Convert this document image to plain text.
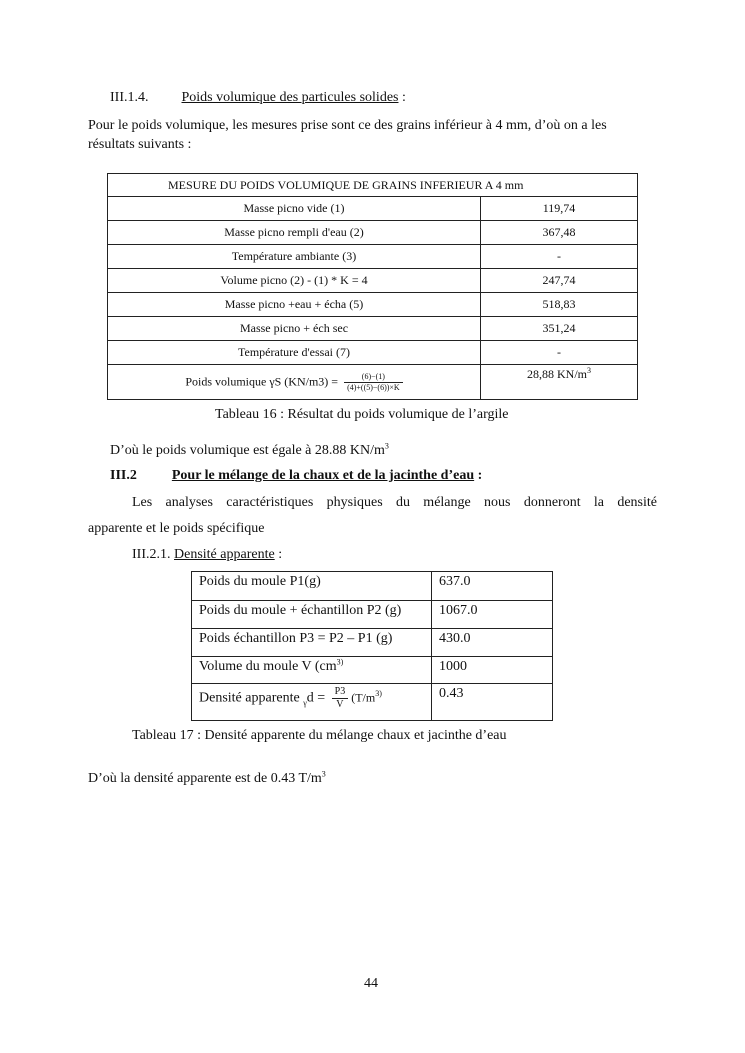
III.1.4. Poids volumique des particules solides :
Pour le poids volumique, les mesures prise sont ce des grains inférieur à 4 mm, d’où on a les
résultats suivants :
MESURE DU POIDS VOLUMIQUE DE GRAINS INFERIEUR A 4 mm	
Masse picno vide (1)	119,74
Masse picno rempli d'eau (2)	367,48
Température ambiante (3)	-
Volume picno (2) - (1) * K = 4	247,74
Masse picno +eau + écha (5)	518,83
Masse picno + éch sec	351,24
Température d'essai (7)	-
Poids volumique γS $(KN/m3) = \frac{(6)-(1)}{(4)+((5)-(6))\times K}$	28,88 $KN/m^3$
Tableau 16 : Résultat du poids volumique de l’argile
D’où le poids volumique est égale à 28.88 $KN/m^3$
III.2	Pour le mélange de la chaux et de la jacinthe d’eau :
Les analyses caractéristiques physiques du mélange nous donneront la densité
apparente et le poids spécifique
III.2.1. Densité apparente :
Poids du moule P1(g)	637.0
Poids du moule + échantillon P2 (g)	1067.0
Poids échantillon P3 = P2 – P1 (g)	430.0
Volume du moule V ($cm^{3)}$	1000
Densité apparente $_\gamma d = \frac{P3}{V} (T/m^{3)}$	0.43
Tableau 17 : Densité apparente du mélange chaux et jacinthe d’eau
D’où la densité apparente est de 0.43 $T/m^3$
44
